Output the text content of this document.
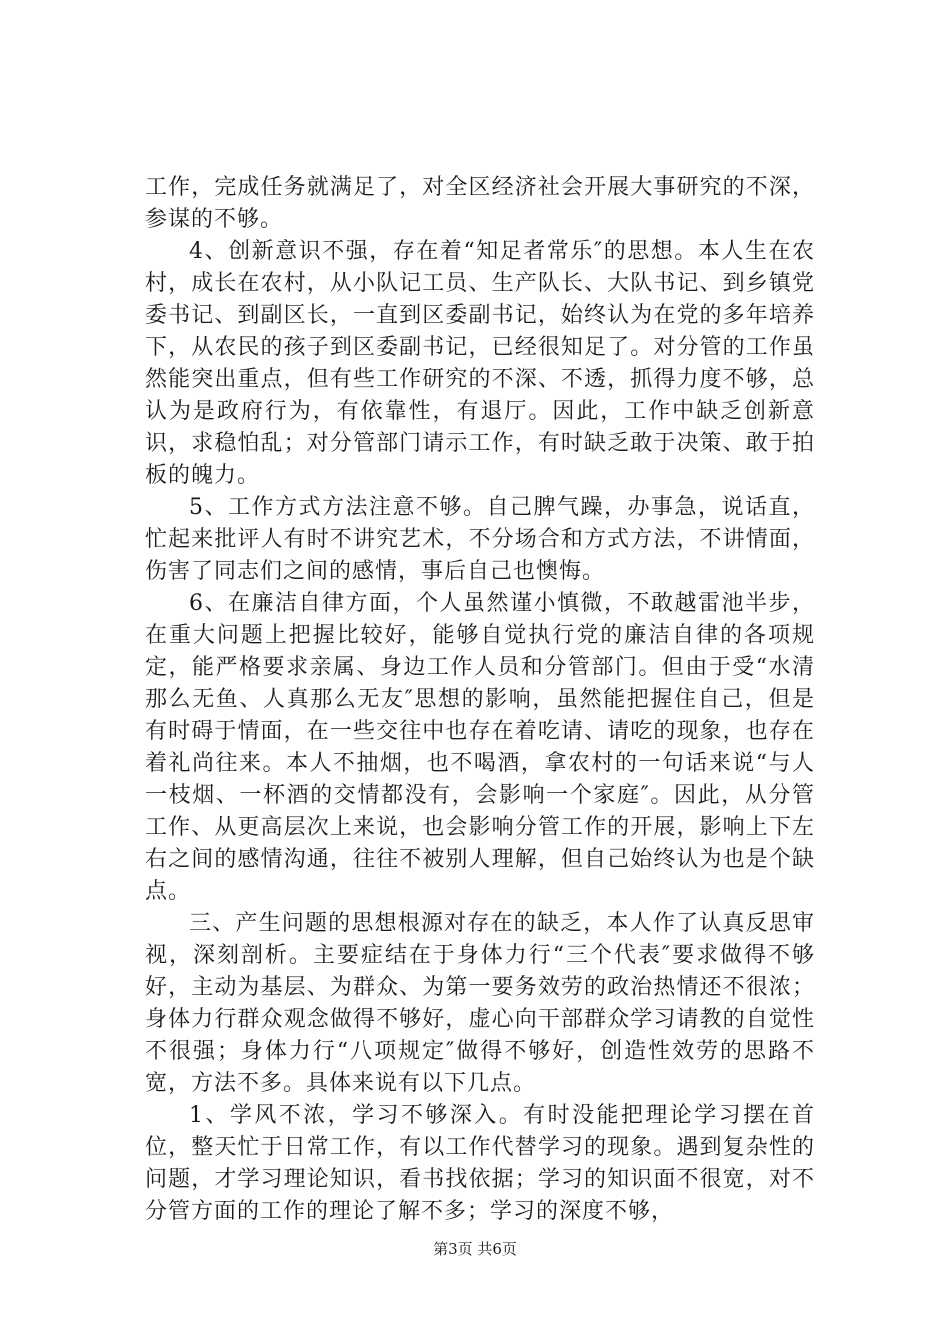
工作，完成任务就满足了，对全区经济社会开展大事研究的不深，参谋的不够。

4、创新意识不强，存在着“知足者常乐″的思想。本人生在农村，成长在农村，从小队记工员、生产队长、大队书记、到乡镇党委书记、到副区长，一直到区委副书记，始终认为在党的多年培养下，从农民的孩子到区委副书记，已经很知足了。对分管的工作虽然能突出重点，但有些工作研究的不深、不透，抓得力度不够，总认为是政府行为，有依靠性，有退厅。因此，工作中缺乏创新意识，求稳怕乱；对分管部门请示工作，有时缺乏敢于决策、敢于拍板的魄力。

5、工作方式方法注意不够。自己脾气躁，办事急，说话直，忙起来批评人有时不讲究艺术，不分场合和方式方法，不讲情面，伤害了同志们之间的感情，事后自己也懊悔。

6、在廉洁自律方面，个人虽然谨小慎微，不敢越雷池半步，在重大问题上把握比较好，能够自觉执行党的廉洁自律的各项规定，能严格要求亲属、身边工作人员和分管部门。但由于受“水清那么无鱼、人真那么无友″思想的影响，虽然能把握住自己，但是有时碍于情面，在一些交往中也存在着吃请、请吃的现象，也存在着礼尚往来。本人不抽烟，也不喝酒，拿农村的一句话来说“与人一枝烟、一杯酒的交情都没有，会影响一个家庭″。因此，从分管工作、从更高层次上来说，也会影响分管工作的开展，影响上下左右之间的感情沟通，往往不被别人理解，但自己始终认为也是个缺点。

三、产生问题的思想根源对存在的缺乏，本人作了认真反思审视，深刻剖析。主要症结在于身体力行“三个代表″要求做得不够好，主动为基层、为群众、为第一要务效劳的政治热情还不很浓；身体力行群众观念做得不够好，虚心向干部群众学习请教的自觉性不很强；身体力行“八项规定″做得不够好，创造性效劳的思路不宽，方法不多。具体来说有以下几点。

1、学风不浓，学习不够深入。有时没能把理论学习摆在首位，整天忙于日常工作，有以工作代替学习的现象。遇到复杂性的问题，才学习理论知识，看书找依据；学习的知识面不很宽，对不分管方面的工作的理论了解不多；学习的深度不够，

第3页 共6页
